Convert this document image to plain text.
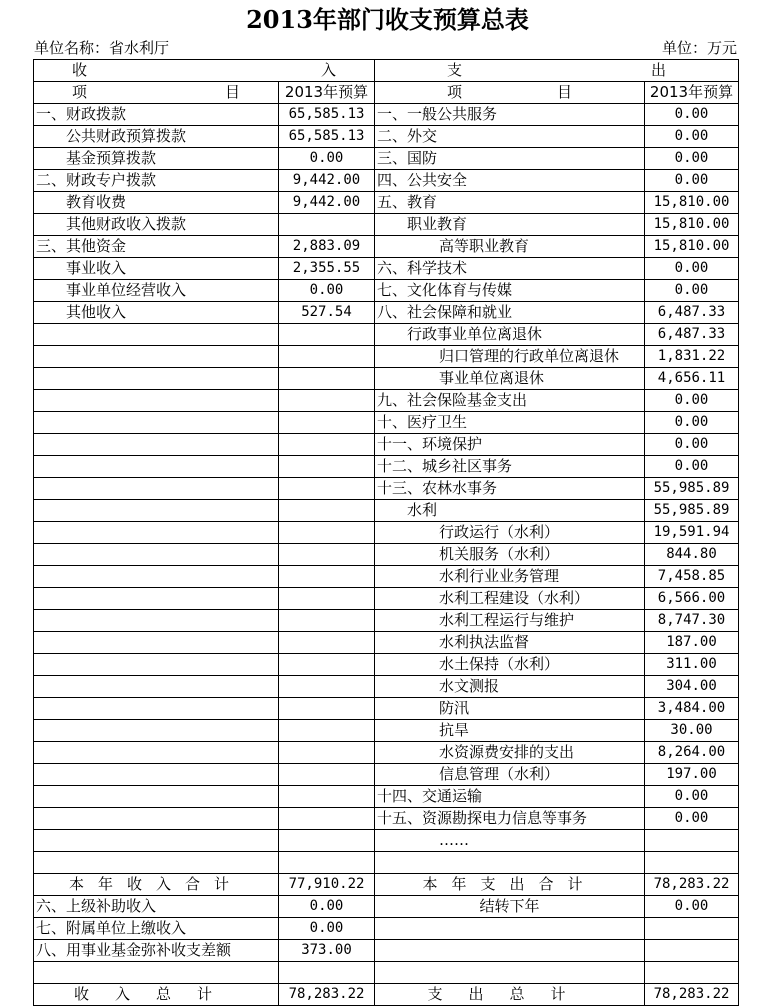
2013年部门收支预算总表
单位名称：省水利厅	单位：万元
收 入		支 出	

项 目	2013年预算	项 目	2013年预算
一、财政拨款	65,585.13	一、一般公共服务	0.00
公共财政预算拨款	65,585.13	二、外交	0.00
基金预算拨款	0.00	三、国防	0.00
二、财政专户拨款	9,442.00	四、公共安全	0.00
教育收费	9,442.00	五、教育	15,810.00
其他财政收入拨款		职业教育	15,810.00
三、其他资金	2,883.09	高等职业教育	15,810.00
事业收入	2,355.55	六、科学技术	0.00
事业单位经营收入	0.00	七、文化体育与传媒	0.00
其他收入	527.54	八、社会保障和就业	6,487.33
		行政事业单位离退休	6,487.33
		归口管理的行政单位离退休	1,831.22
		事业单位离退休	4,656.11
		九、社会保险基金支出	0.00
		十、医疗卫生	0.00
		十一、环境保护	0.00
		十二、城乡社区事务	0.00
		十三、农林水事务	55,985.89
		水利	55,985.89
		行政运行（水利）	19,591.94
		机关服务（水利）	844.80
		水利行业业务管理	7,458.85
		水利工程建设（水利）	6,566.00
		水利工程运行与维护	8,747.30
		水利执法监督	187.00
		水土保持（水利）	311.00
		水文测报	304.00
		防汛	3,484.00
		抗旱	30.00
		水资源费安排的支出	8,264.00
		信息管理（水利）	197.00
		十四、交通运输	0.00
		十五、资源勘探电力信息等事务	0.00
		……	

本年收入合计	77,910.22	本年支出合计	78,283.22
六、上级补助收入	0.00	结转下年	0.00
七、附属单位上缴收入	0.00		
八、用事业基金弥补收支差额	373.00		

收入总计	78,283.22	支出总计	78,283.22
